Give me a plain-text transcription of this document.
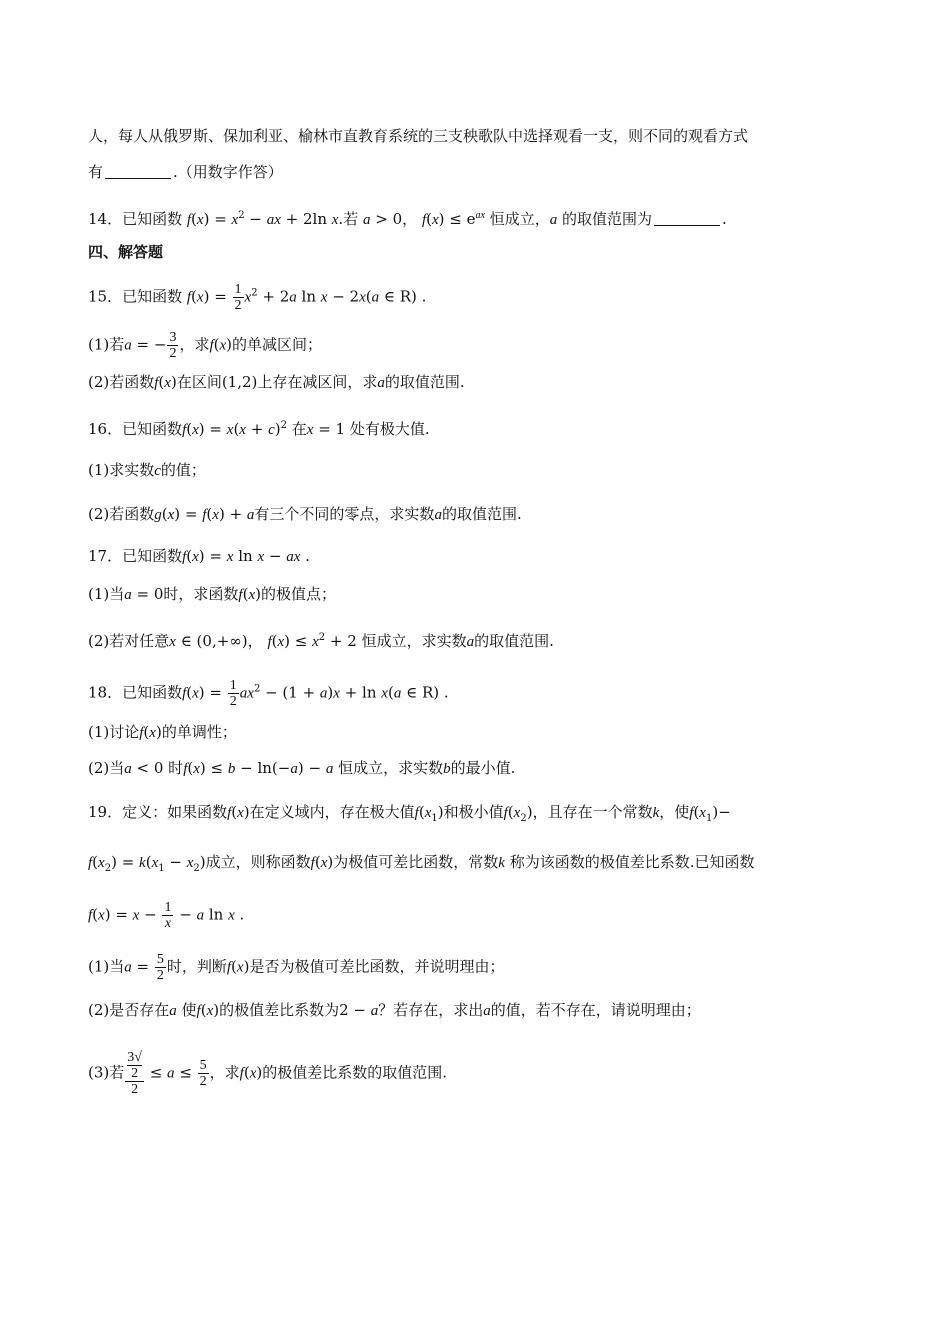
人，每人从俄罗斯、保加利亚、榆林市直教育系统的三支秧歌队中选择观看一支，则不同的观看方式
有	.（用数字作答）
14．已知函数 $f(x) = x^2$ − ax + 2ln x.若 a > 0， $f(x) \le e^{ax}$ 恒成立，a 的取值范围为	.
四、解答题
15．已知函数 $f(x) = \frac{1}{2} x^2 + 2a$ ln x − 2x(a ∈ R) .
(1)若a = − $\frac{3}{2}$ ，求f(x)的单减区间；
(2)若函数f(x)在区间(1,2)上存在减区间，求a的取值范围.
16．已知函数$f(x) = x(x + c)^2$ 在x = 1 处有极大值.
(1)求实数c的值；
(2)若函数g(x) = f(x) + a有三个不同的零点，求实数a的取值范围.
17．已知函数f(x) = x ln x − ax .
(1)当a = 0时，求函数f(x)的极值点；
(2)若对任意x ∈ (0,+∞)， $f(x) \le x^2 + 2$ 恒成立，求实数a的取值范围.
18．已知函数$f(x) = \frac{1}{2} ax^2 - (1 + a)x + \ln x(a$ ∈ R) .
(1)讨论f(x)的单调性；
(2)当a < 0 时f(x) ≤ b − ln(−a) − a 恒成立，求实数b的最小值.
19．定义：如果函数f(x)在定义域内，存在极大值$f(x_1)$和极小值$f(x_2)$，且存在一个常数k，使$f(x_1)-$
$f(x_2) = k(x_1 - x_2)$成立，则称函数f(x)为极值可差比函数，常数k 称为该函数的极值差比系数.已知函数
$f(x) = x - \frac{1}{x} - a$ ln x .
(1)当$a = \frac{5}{2}$ 时，判断f(x)是否为极值可差比函数，并说明理由；
(2)是否存在a 使f(x)的极值差比系数为2 − a？若存在，求出a的值，若不存在，请说明理由；
(3)若 3√
2
$2 \le a \le \frac{5}{2}$ ，求f(x)的极值差比系数的取值范围.
